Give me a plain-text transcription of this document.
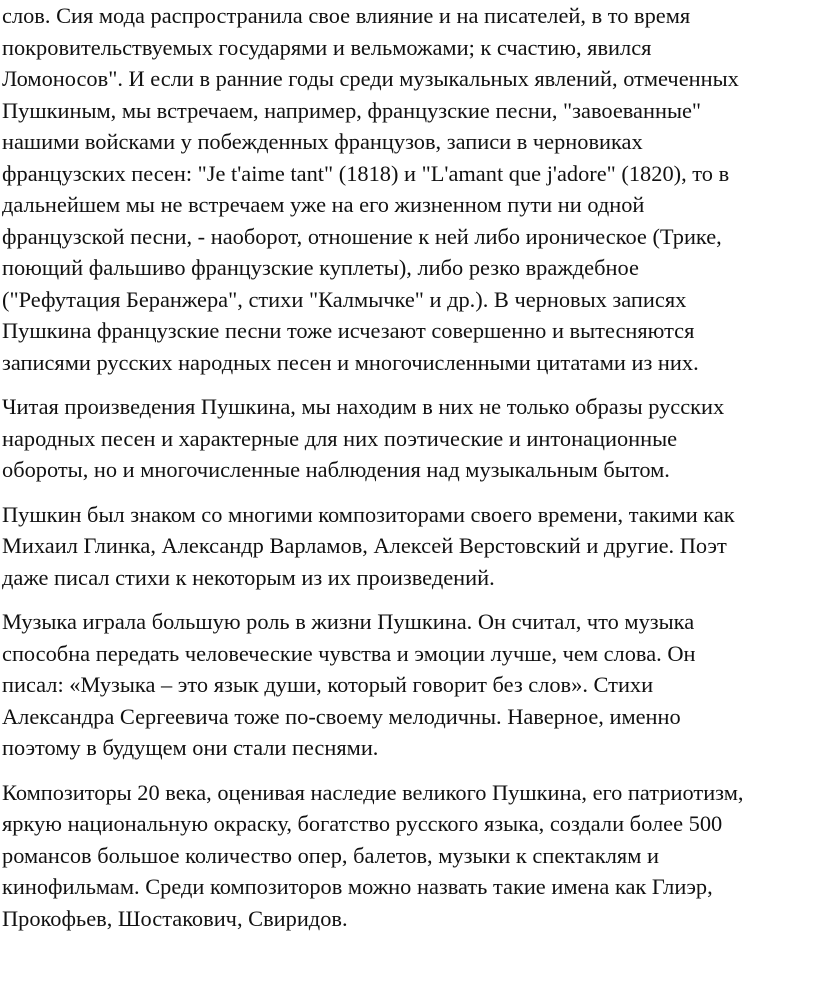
слов. Сия мода распространила свое влияние и на писателей, в то время
покровительствуемых государями и вельможами; к счастию, явился
Ломоносов". И если в ранние годы среди музыкальных явлений, отмеченных
Пушкиным, мы встречаем, например, французские песни, "завоеванные"
нашими войсками у побежденных французов, записи в черновиках
французских песен: "Je t'aime tant" (1818) и "L'amant que j'adore" (1820), то в
дальнейшем мы не встречаем уже на его жизненном пути ни одной
французской песни, - наоборот, отношение к ней либо ироническое (Трике,
поющий фальшиво французские куплеты), либо резко враждебное
("Рефутация Беранжера", стихи "Калмычке" и др.). В черновых записях
Пушкина французские песни тоже исчезают совершенно и вытесняются
записями русских народных песен и многочисленными цитатами из них.

Читая произведения Пушкина, мы находим в них не только образы русских
народных песен и характерные для них поэтические и интонационные
обороты, но и многочисленные наблюдения над музыкальным бытом.

Пушкин был знаком со многими композиторами своего времени, такими как
Михаил Глинка, Александр Варламов, Алексей Верстовский и другие. Поэт
даже писал стихи к некоторым из их произведений.

Музыка играла большую роль в жизни Пушкина. Он считал, что музыка
способна передать человеческие чувства и эмоции лучше, чем слова. Он
писал: «Музыка – это язык души, который говорит без слов». Стихи
Александра Сергеевича тоже по-своему мелодичны. Наверное, именно
поэтому в будущем они стали песнями.

Композиторы 20 века, оценивая наследие великого Пушкина, его патриотизм,
яркую национальную окраску, богатство русского языка, создали более 500
романсов большое количество опер, балетов, музыки к спектаклям и
кинофильмам. Среди композиторов можно назвать такие имена как Глиэр,
Прокофьев, Шостакович, Свиридов.
